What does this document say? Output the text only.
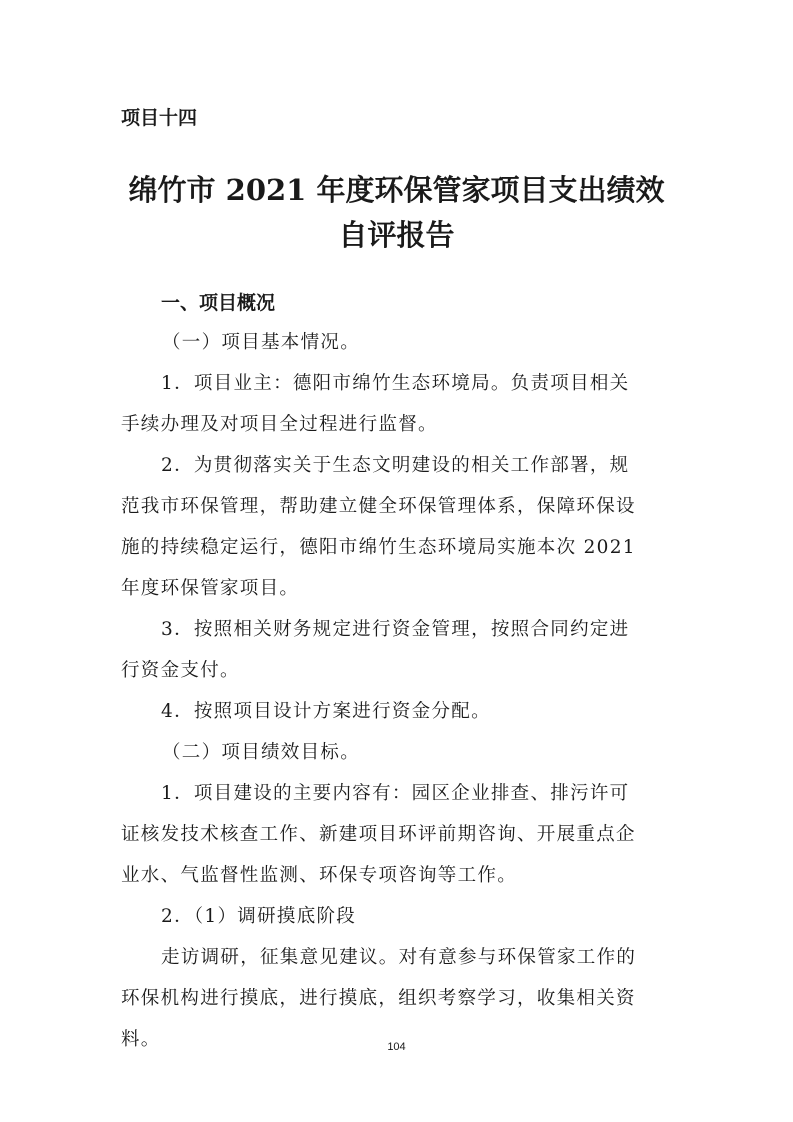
项目十四

绵竹市 2021 年度环保管家项目支出绩效
自评报告
一、项目概况

（一）项目基本情况。

1．项目业主：德阳市绵竹生态环境局。负责项目相关
手续办理及对项目全过程进行监督。
2．为贯彻落实关于生态文明建设的相关工作部署，规
范我市环保管理，帮助建立健全环保管理体系，保障环保设
施的持续稳定运行，德阳市绵竹生态环境局实施本次 2021
年度环保管家项目。
3．按照相关财务规定进行资金管理，按照合同约定进
行资金支付。
4．按照项目设计方案进行资金分配。

（二）项目绩效目标。

1．项目建设的主要内容有：园区企业排查、排污许可
证核发技术核查工作、新建项目环评前期咨询、开展重点企
业水、气监督性监测、环保专项咨询等工作。
2．（1）调研摸底阶段
走访调研，征集意见建议。对有意参与环保管家工作的
环保机构进行摸底，进行摸底，组织考察学习，收集相关资
料。	104
